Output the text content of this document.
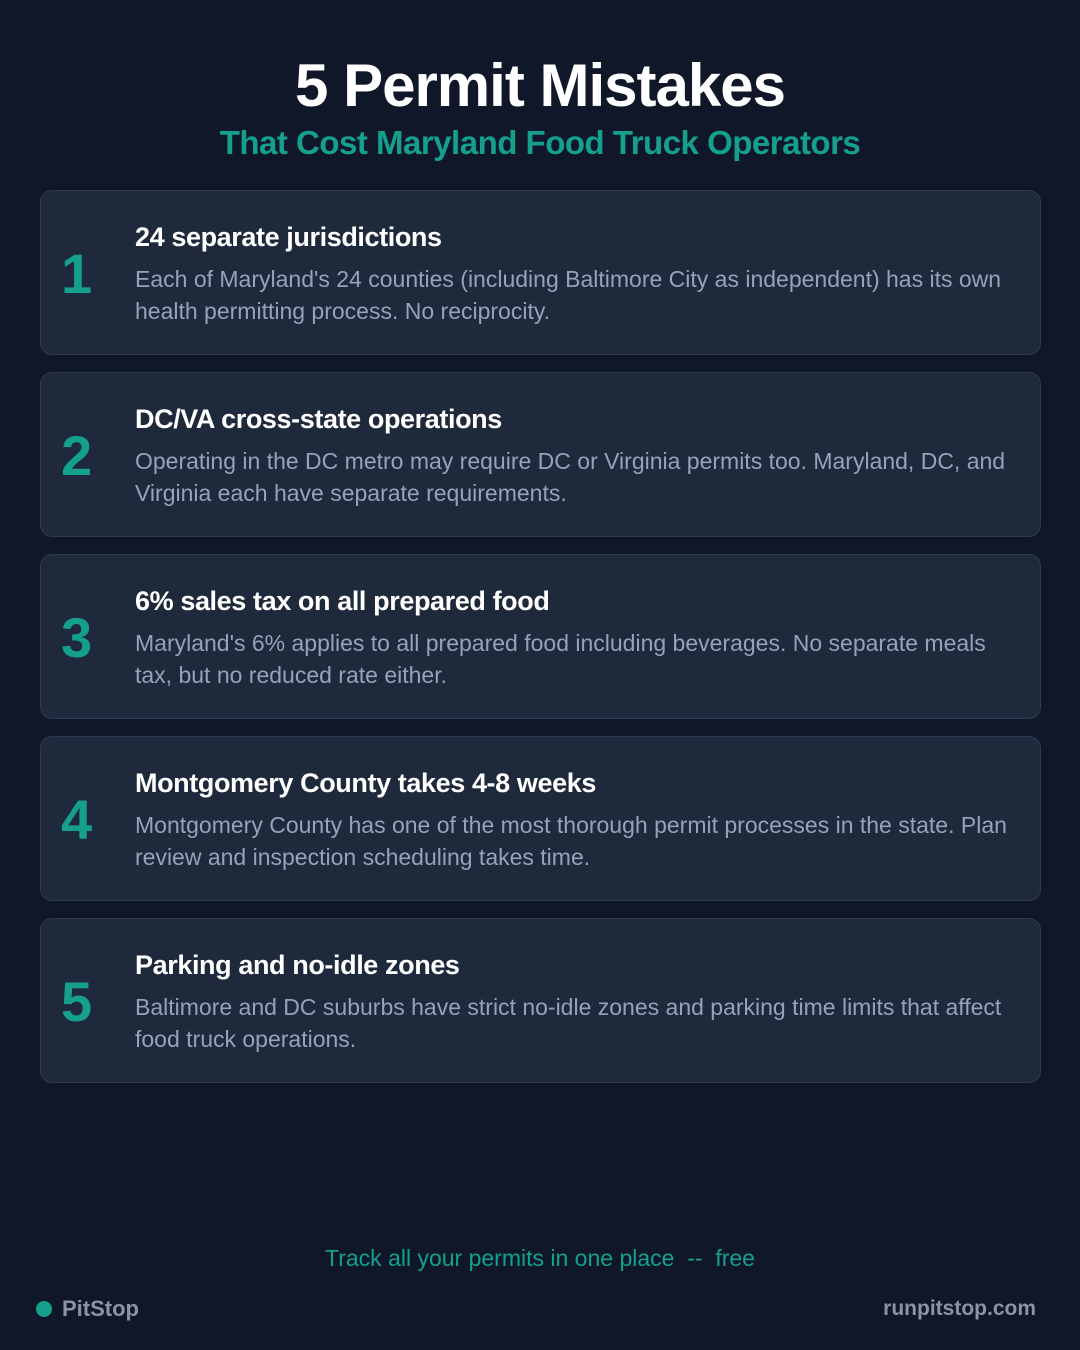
5 Permit Mistakes
That Cost Maryland Food Truck Operators
1
24 separate jurisdictions
Each of Maryland's 24 counties (including Baltimore City as independent) has its own health permitting process. No reciprocity.
2
DC/VA cross-state operations
Operating in the DC metro may require DC or Virginia permits too. Maryland, DC, and Virginia each have separate requirements.
3
6% sales tax on all prepared food
Maryland's 6% applies to all prepared food including beverages. No separate meals tax, but no reduced rate either.
4
Montgomery County takes 4-8 weeks
Montgomery County has one of the most thorough permit processes in the state. Plan review and inspection scheduling takes time.
5
Parking and no-idle zones
Baltimore and DC suburbs have strict no-idle zones and parking time limits that affect food truck operations.
Track all your permits in one place  --  free
PitStop	runpitstop.com
